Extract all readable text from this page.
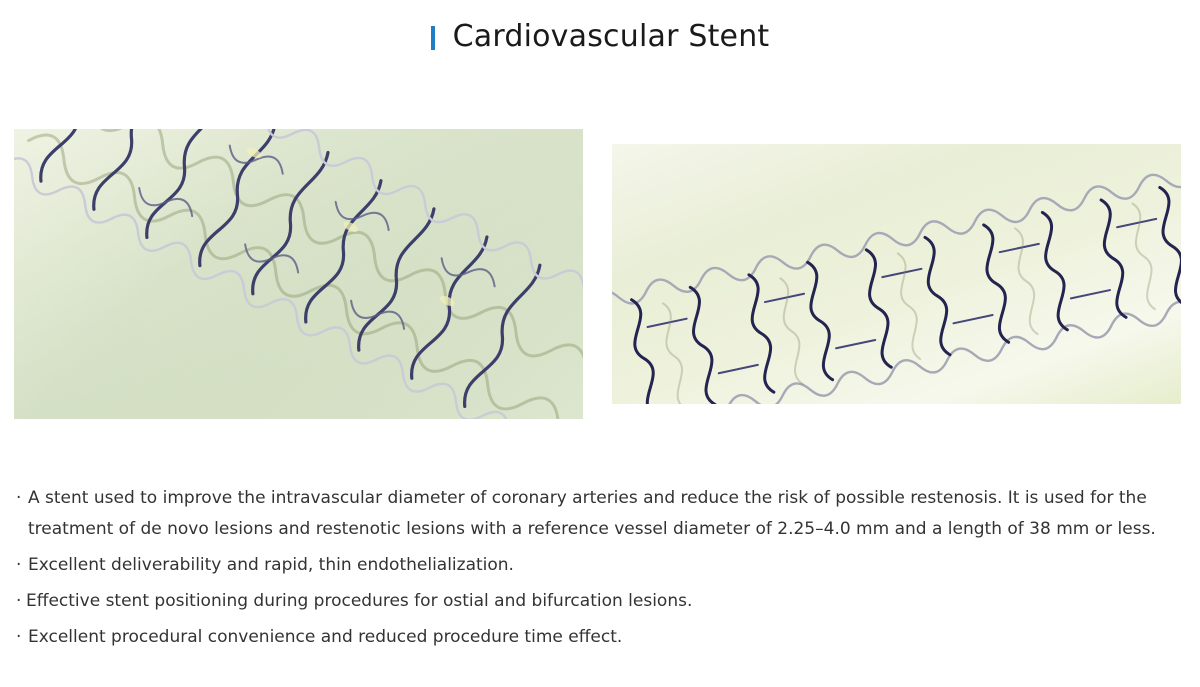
Cardiovascular Stent
· A stent used to improve the intravascular diameter of coronary arteries and reduce the risk of possible restenosis. It is used for the treatment of de novo lesions and restenotic lesions with a reference vessel diameter of 2.25–4.0 mm and a length of 38 mm or less.
· Excellent deliverability and rapid, thin endothelialization.
· Effective stent positioning during procedures for ostial and bifurcation lesions.
· Excellent procedural convenience and reduced procedure time effect.
